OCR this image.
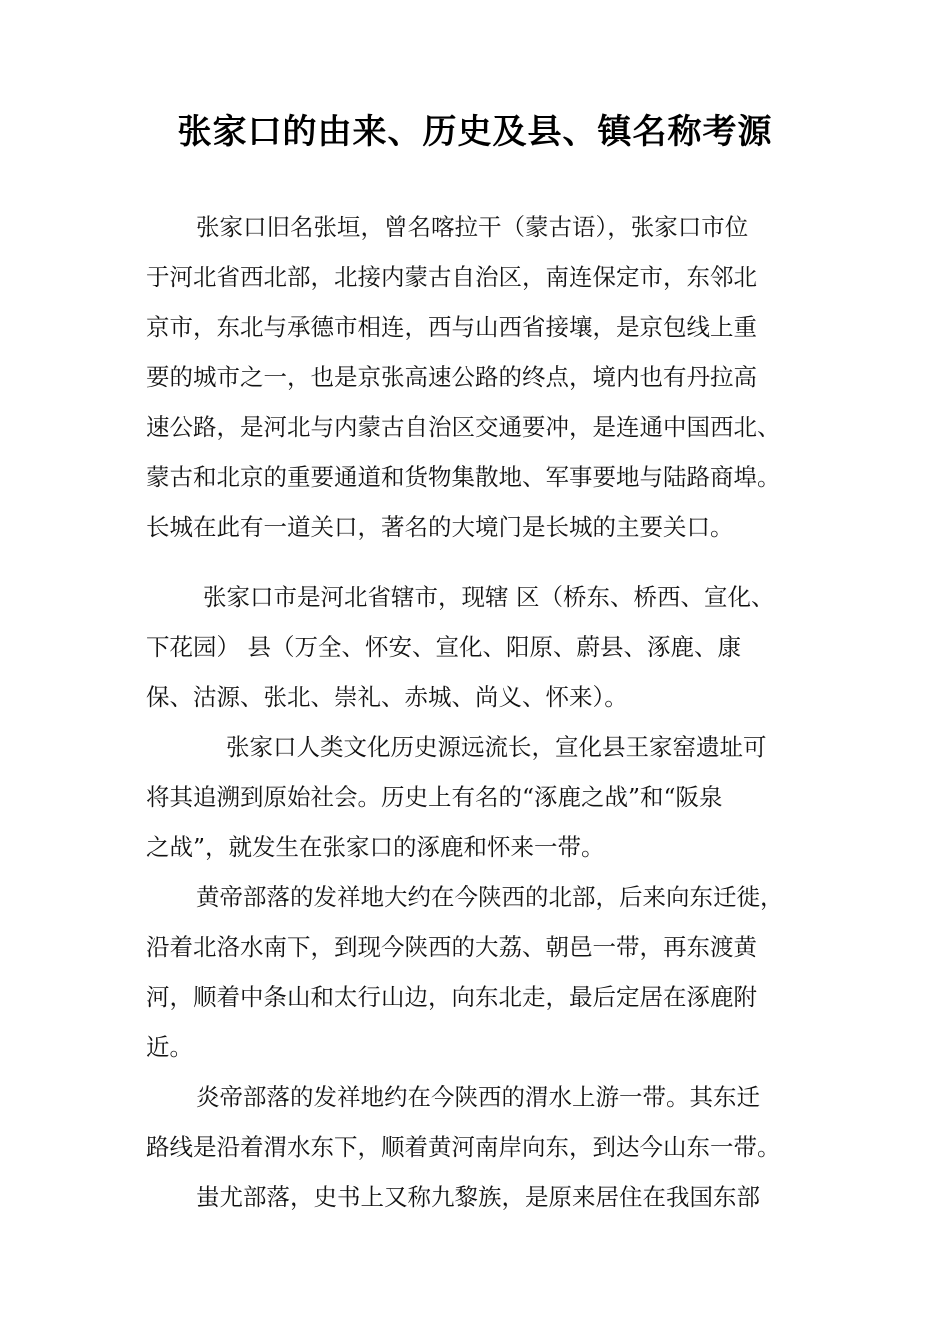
张家口的由来、历史及县、镇名称考源
张家口旧名张垣，曾名喀拉干（蒙古语），张家口市位
于河北省西北部，北接内蒙古自治区，南连保定市，东邻北
京市，东北与承德市相连，西与山西省接壤，是京包线上重
要的城市之一，也是京张高速公路的终点，境内也有丹拉高
速公路，是河北与内蒙古自治区交通要冲，是连通中国西北、
蒙古和北京的重要通道和货物集散地、军事要地与陆路商埠。
长城在此有一道关口，著名的大境门是长城的主要关口。
张家口市是河北省辖市，现辖 区（桥东、桥西、宣化、
下花园） 县（万全、怀安、宣化、阳原、蔚县、涿鹿、康
保、沽源、张北、崇礼、赤城、尚义、怀来）。
张家口人类文化历史源远流长，宣化县王家窑遗址可
将其追溯到原始社会。历史上有名的“涿鹿之战”和“阪泉
之战”，就发生在张家口的涿鹿和怀来一带。
黄帝部落的发祥地大约在今陕西的北部，后来向东迁徙，
沿着北洛水南下，到现今陕西的大荔、朝邑一带，再东渡黄
河，顺着中条山和太行山边，向东北走，最后定居在涿鹿附
近。
炎帝部落的发祥地约在今陕西的渭水上游一带。其东迁
路线是沿着渭水东下，顺着黄河南岸向东，到达今山东一带。
蚩尤部落，史书上又称九黎族，是原来居住在我国东部
